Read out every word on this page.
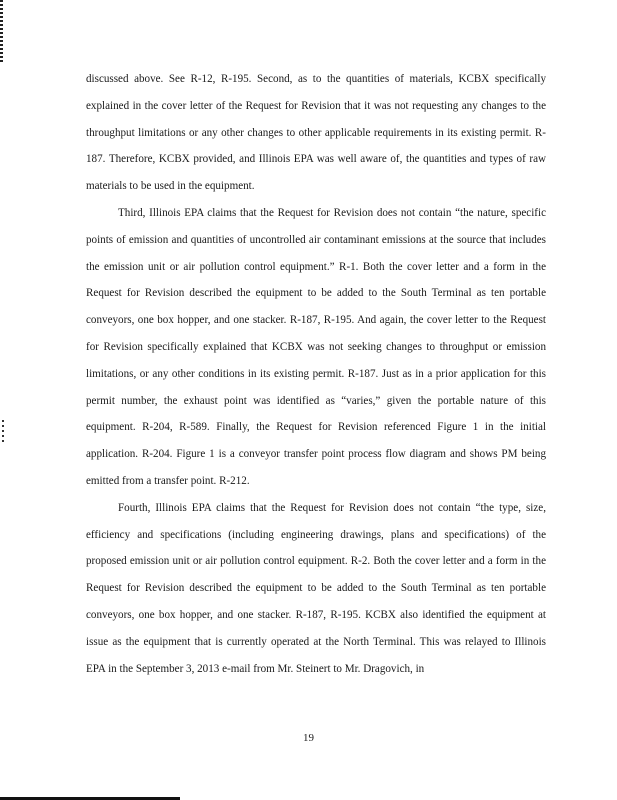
discussed above. See R-12, R-195. Second, as to the quantities of materials, KCBX specifically explained in the cover letter of the Request for Revision that it was not requesting any changes to the throughput limitations or any other changes to other applicable requirements in its existing permit. R-187. Therefore, KCBX provided, and Illinois EPA was well aware of, the quantities and types of raw materials to be used in the equipment.

Third, Illinois EPA claims that the Request for Revision does not contain “the nature, specific points of emission and quantities of uncontrolled air contaminant emissions at the source that includes the emission unit or air pollution control equipment.” R-1. Both the cover letter and a form in the Request for Revision described the equipment to be added to the South Terminal as ten portable conveyors, one box hopper, and one stacker. R-187, R-195. And again, the cover letter to the Request for Revision specifically explained that KCBX was not seeking changes to throughput or emission limitations, or any other conditions in its existing permit. R-187. Just as in a prior application for this permit number, the exhaust point was identified as “varies,” given the portable nature of this equipment. R-204, R-589. Finally, the Request for Revision referenced Figure 1 in the initial application. R-204. Figure 1 is a conveyor transfer point process flow diagram and shows PM being emitted from a transfer point. R-212.

Fourth, Illinois EPA claims that the Request for Revision does not contain “the type, size, efficiency and specifications (including engineering drawings, plans and specifications) of the proposed emission unit or air pollution control equipment. R-2. Both the cover letter and a form in the Request for Revision described the equipment to be added to the South Terminal as ten portable conveyors, one box hopper, and one stacker. R-187, R-195. KCBX also identified the equipment at issue as the equipment that is currently operated at the North Terminal. This was relayed to Illinois EPA in the September 3, 2013 e-mail from Mr. Steinert to Mr. Dragovich, in

19
